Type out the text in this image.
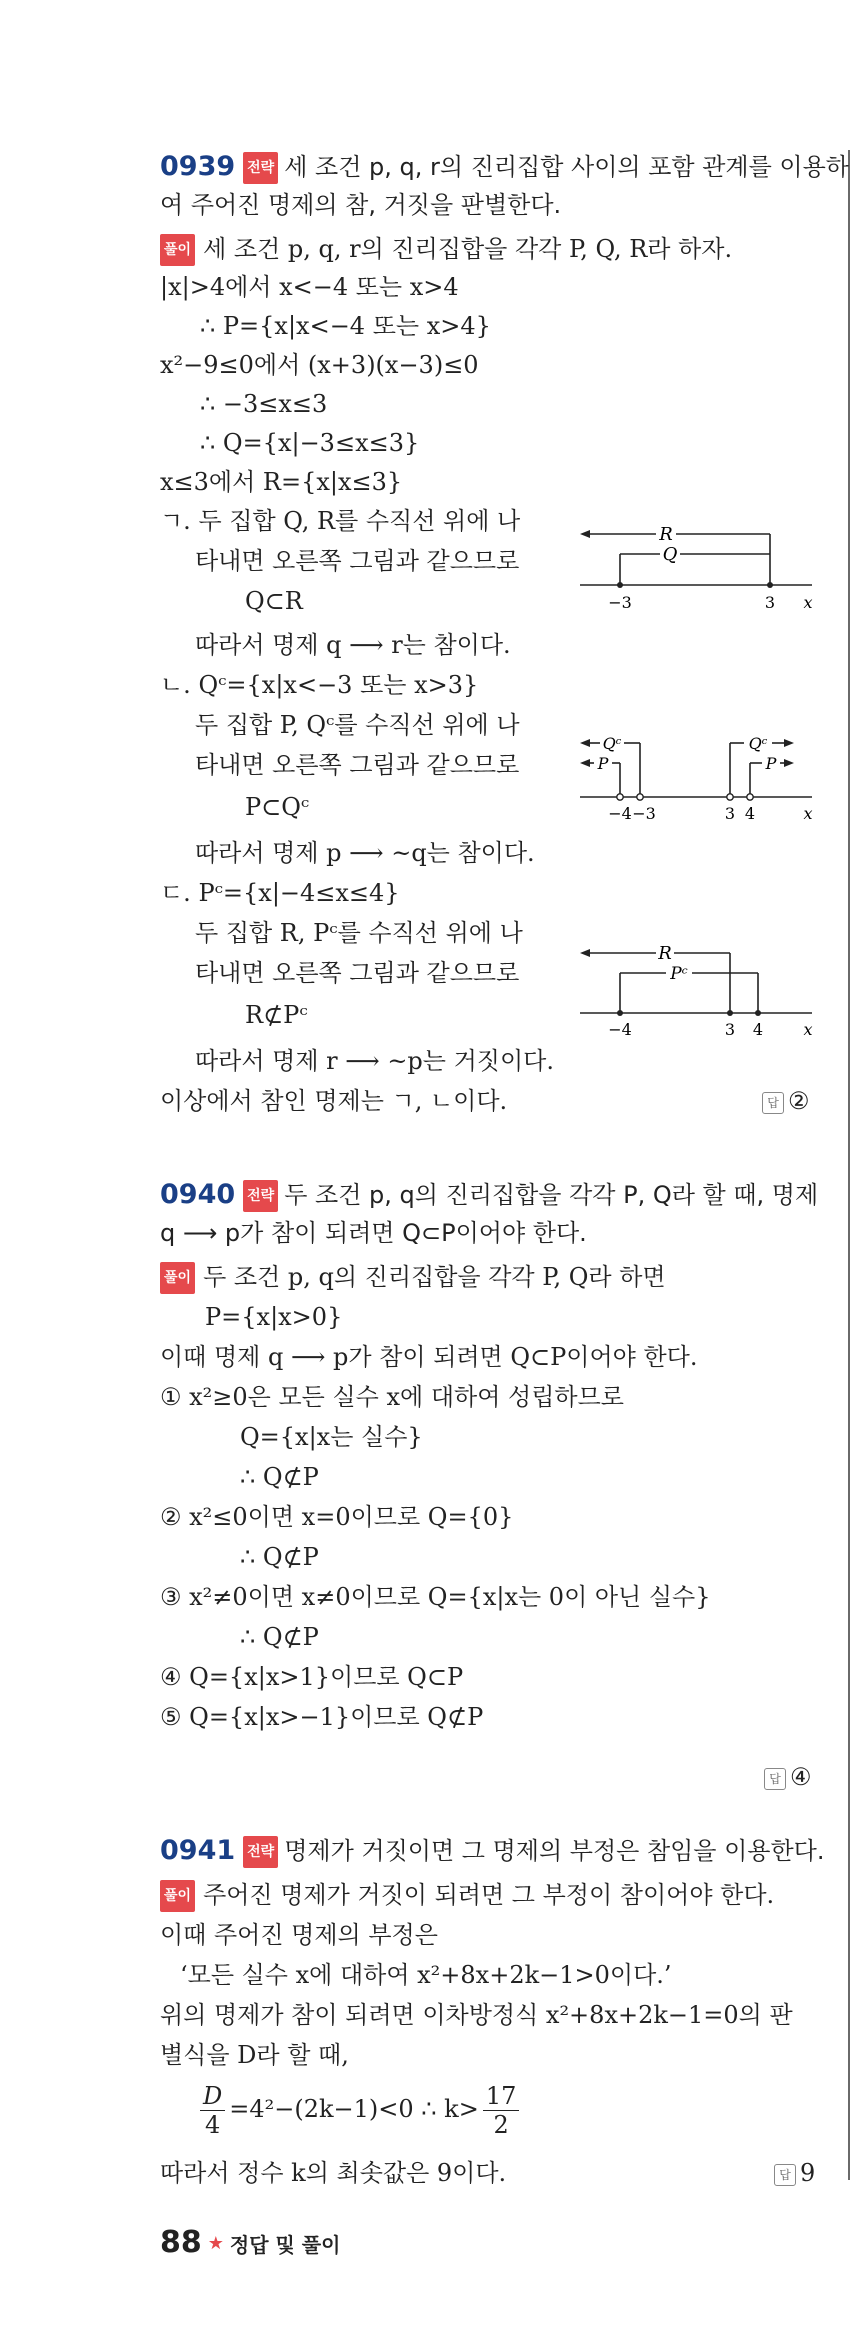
0939 전략 세 조건 p, q, r의 진리집합 사이의 포함 관계를 이용하
여 주어진 명제의 참, 거짓을 판별한다.
풀이 세 조건 p, q, r의 진리집합을 각각 P, Q, R라 하자.
|x|>4에서 x<−4 또는 x>4
∴ P={x|x<−4 또는 x>4}
x²−9≤0에서 (x+3)(x−3)≤0
∴ −3≤x≤3
∴ Q={x|−3≤x≤3}
x≤3에서 R={x|x≤3}
ㄱ. 두 집합 Q, R를 수직선 위에 나
타내면 오른쪽 그림과 같으므로
Q⊂R
따라서 명제 q ⟶ r는 참이다.
ㄴ. Qᶜ={x|x<−3 또는 x>3}
두 집합 P, Qᶜ를 수직선 위에 나
타내면 오른쪽 그림과 같으므로
P⊂Qᶜ
따라서 명제 p ⟶ ~q는 참이다.
ㄷ. Pᶜ={x|−4≤x≤4}
두 집합 R, Pᶜ를 수직선 위에 나
타내면 오른쪽 그림과 같으므로
R⊄Pᶜ
따라서 명제 r ⟶ ~p는 거짓이다.
이상에서 참인 명제는 ㄱ, ㄴ이다.	답 ②
R
Q
−3	3 x
Qᶜ
P
Qᶜ
P
−4 −3	3 4	x
R
Pᶜ
−4	3 4	x
0940 전략 두 조건 p, q의 진리집합을 각각 P, Q라 할 때, 명제
q ⟶ p가 참이 되려면 Q⊂P이어야 한다.
풀이 두 조건 p, q의 진리집합을 각각 P, Q라 하면
P={x|x>0}
이때 명제 q ⟶ p가 참이 되려면 Q⊂P이어야 한다.
① x²≥0은 모든 실수 x에 대하여 성립하므로
Q={x|x는 실수}
∴ Q⊄P
② x²≤0이면 x=0이므로 Q={0}
∴ Q⊄P
③ x²≠0이면 x≠0이므로 Q={x|x는 0이 아닌 실수}
∴ Q⊄P
④ Q={x|x>1}이므로 Q⊂P
⑤ Q={x|x>−1}이므로 Q⊄P
답 ④
0941 전략 명제가 거짓이면 그 명제의 부정은 참임을 이용한다.
풀이 주어진 명제가 거짓이 되려면 그 부정이 참이어야 한다.
이때 주어진 명제의 부정은
‘모든 실수 x에 대하여 x²+8x+2k−1>0이다.’
위의 명제가 참이 되려면 이차방정식 x²+8x+2k−1=0의 판
별식을 D라 할 때,
$\frac{D}{4} =4^2-(2k-1)<0$ ∴ $k> \frac{17}{2}$
따라서 정수 k의 최솟값은 9이다.	답 9
88 ★ 정답 및 풀이
